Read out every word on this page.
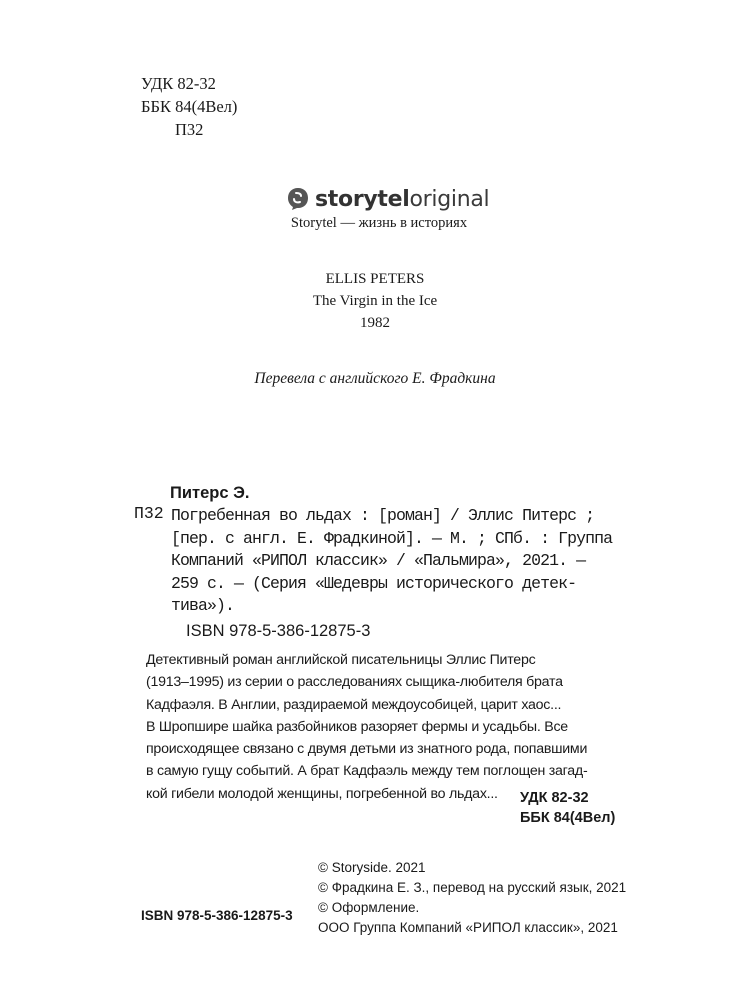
УДК 82-32
ББК 84(4Вел)
П32
storyteloriginal
Storytel — жизнь в историях
ELLIS PETERS
The Virgin in the Ice
1982
Перевела с английского Е. Фрадкина
Питерс Э.
П32 Погребенная во льдах : [роман] / Эллис Питерс ;
[пер. с англ. Е. Фрадкиной]. — М. ; СПб. : Группа
Компаний «РИПОЛ классик» / «Пальмира», 2021. —
259 с. — (Серия «Шедевры исторического детек-
тива»).
ISBN 978-5-386-12875-3
Детективный роман английской писательницы Эллис Питерс
(1913–1995) из серии о расследованиях сыщика-любителя брата
Кадфаэля. В Англии, раздираемой междоусобицей, царит хаос...
В Шропшире шайка разбойников разоряет фермы и усадьбы. Все
происходящее связано с двумя детьми из знатного рода, попавшими
в самую гущу событий. А брат Кадфаэль между тем поглощен загад-
кой гибели молодой женщины, погребенной во льдах...	УДК 82-32
ББК 84(4Вел)
© Storyside. 2021
© Фрадкина Е. З., перевод на русский язык, 2021
© Оформление.
ООО Группа Компаний «РИПОЛ классик», 2021
ISBN 978-5-386-12875-3
